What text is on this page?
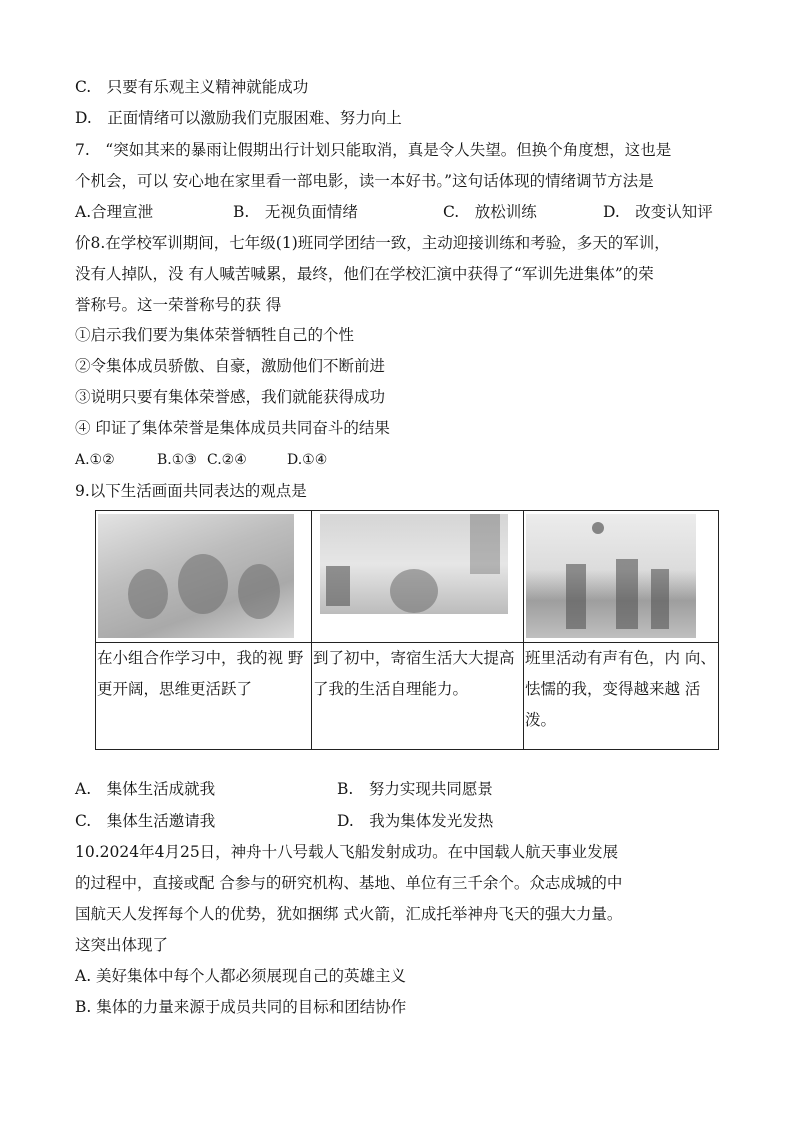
C.　只要有乐观主义精神就能成功
D.　正面情绪可以激励我们克服困难、努力向上
7.　“突如其来的暴雨让假期出行计划只能取消，真是令人失望。但换个角度想，这也是
个机会，可以 安心地在家里看一部电影，读一本好书。”这句话体现的情绪调节方法是
A.合理宣泄	B.　无视负面情绪	C.　放松训练	D.　改变认知评
价8.在学校军训期间，七年级(1)班同学团结一致，主动迎接训练和考验，多天的军训，
没有人掉队，没 有人喊苦喊累，最终，他们在学校汇演中获得了“军训先进集体”的荣
誉称号。这一荣誉称号的获 得
①启示我们要为集体荣誉牺牲自己的个性
②令集体成员骄傲、自豪，激励他们不断前进
③说明只要有集体荣誉感，我们就能获得成功
④ 印证了集体荣誉是集体成员共同奋斗的结果
A.①②	B.①③ C.②④	D.①④
9.以下生活画面共同表达的观点是

在小组合作学习中，我的视 野更开阔，思维更活跃了	到了初中，寄宿生活大大提高了我的生活自理能力。	班里活动有声有色，内 向、怯懦的我，变得越来越 活泼。
A.　集体生活成就我	B.　努力实现共同愿景
C.　集体生活邀请我	D.　我为集体发光发热
10.2024年4月25日，神舟十八号载人飞船发射成功。在中国载人航天事业发展
的过程中，直接或配 合参与的研究机构、基地、单位有三千余个。众志成城的中
国航天人发挥每个人的优势，犹如捆绑 式火箭，汇成托举神舟飞天的强大力量。
这突出体现了
A. 美好集体中每个人都必须展现自己的英雄主义
B. 集体的力量来源于成员共同的目标和团结协作
